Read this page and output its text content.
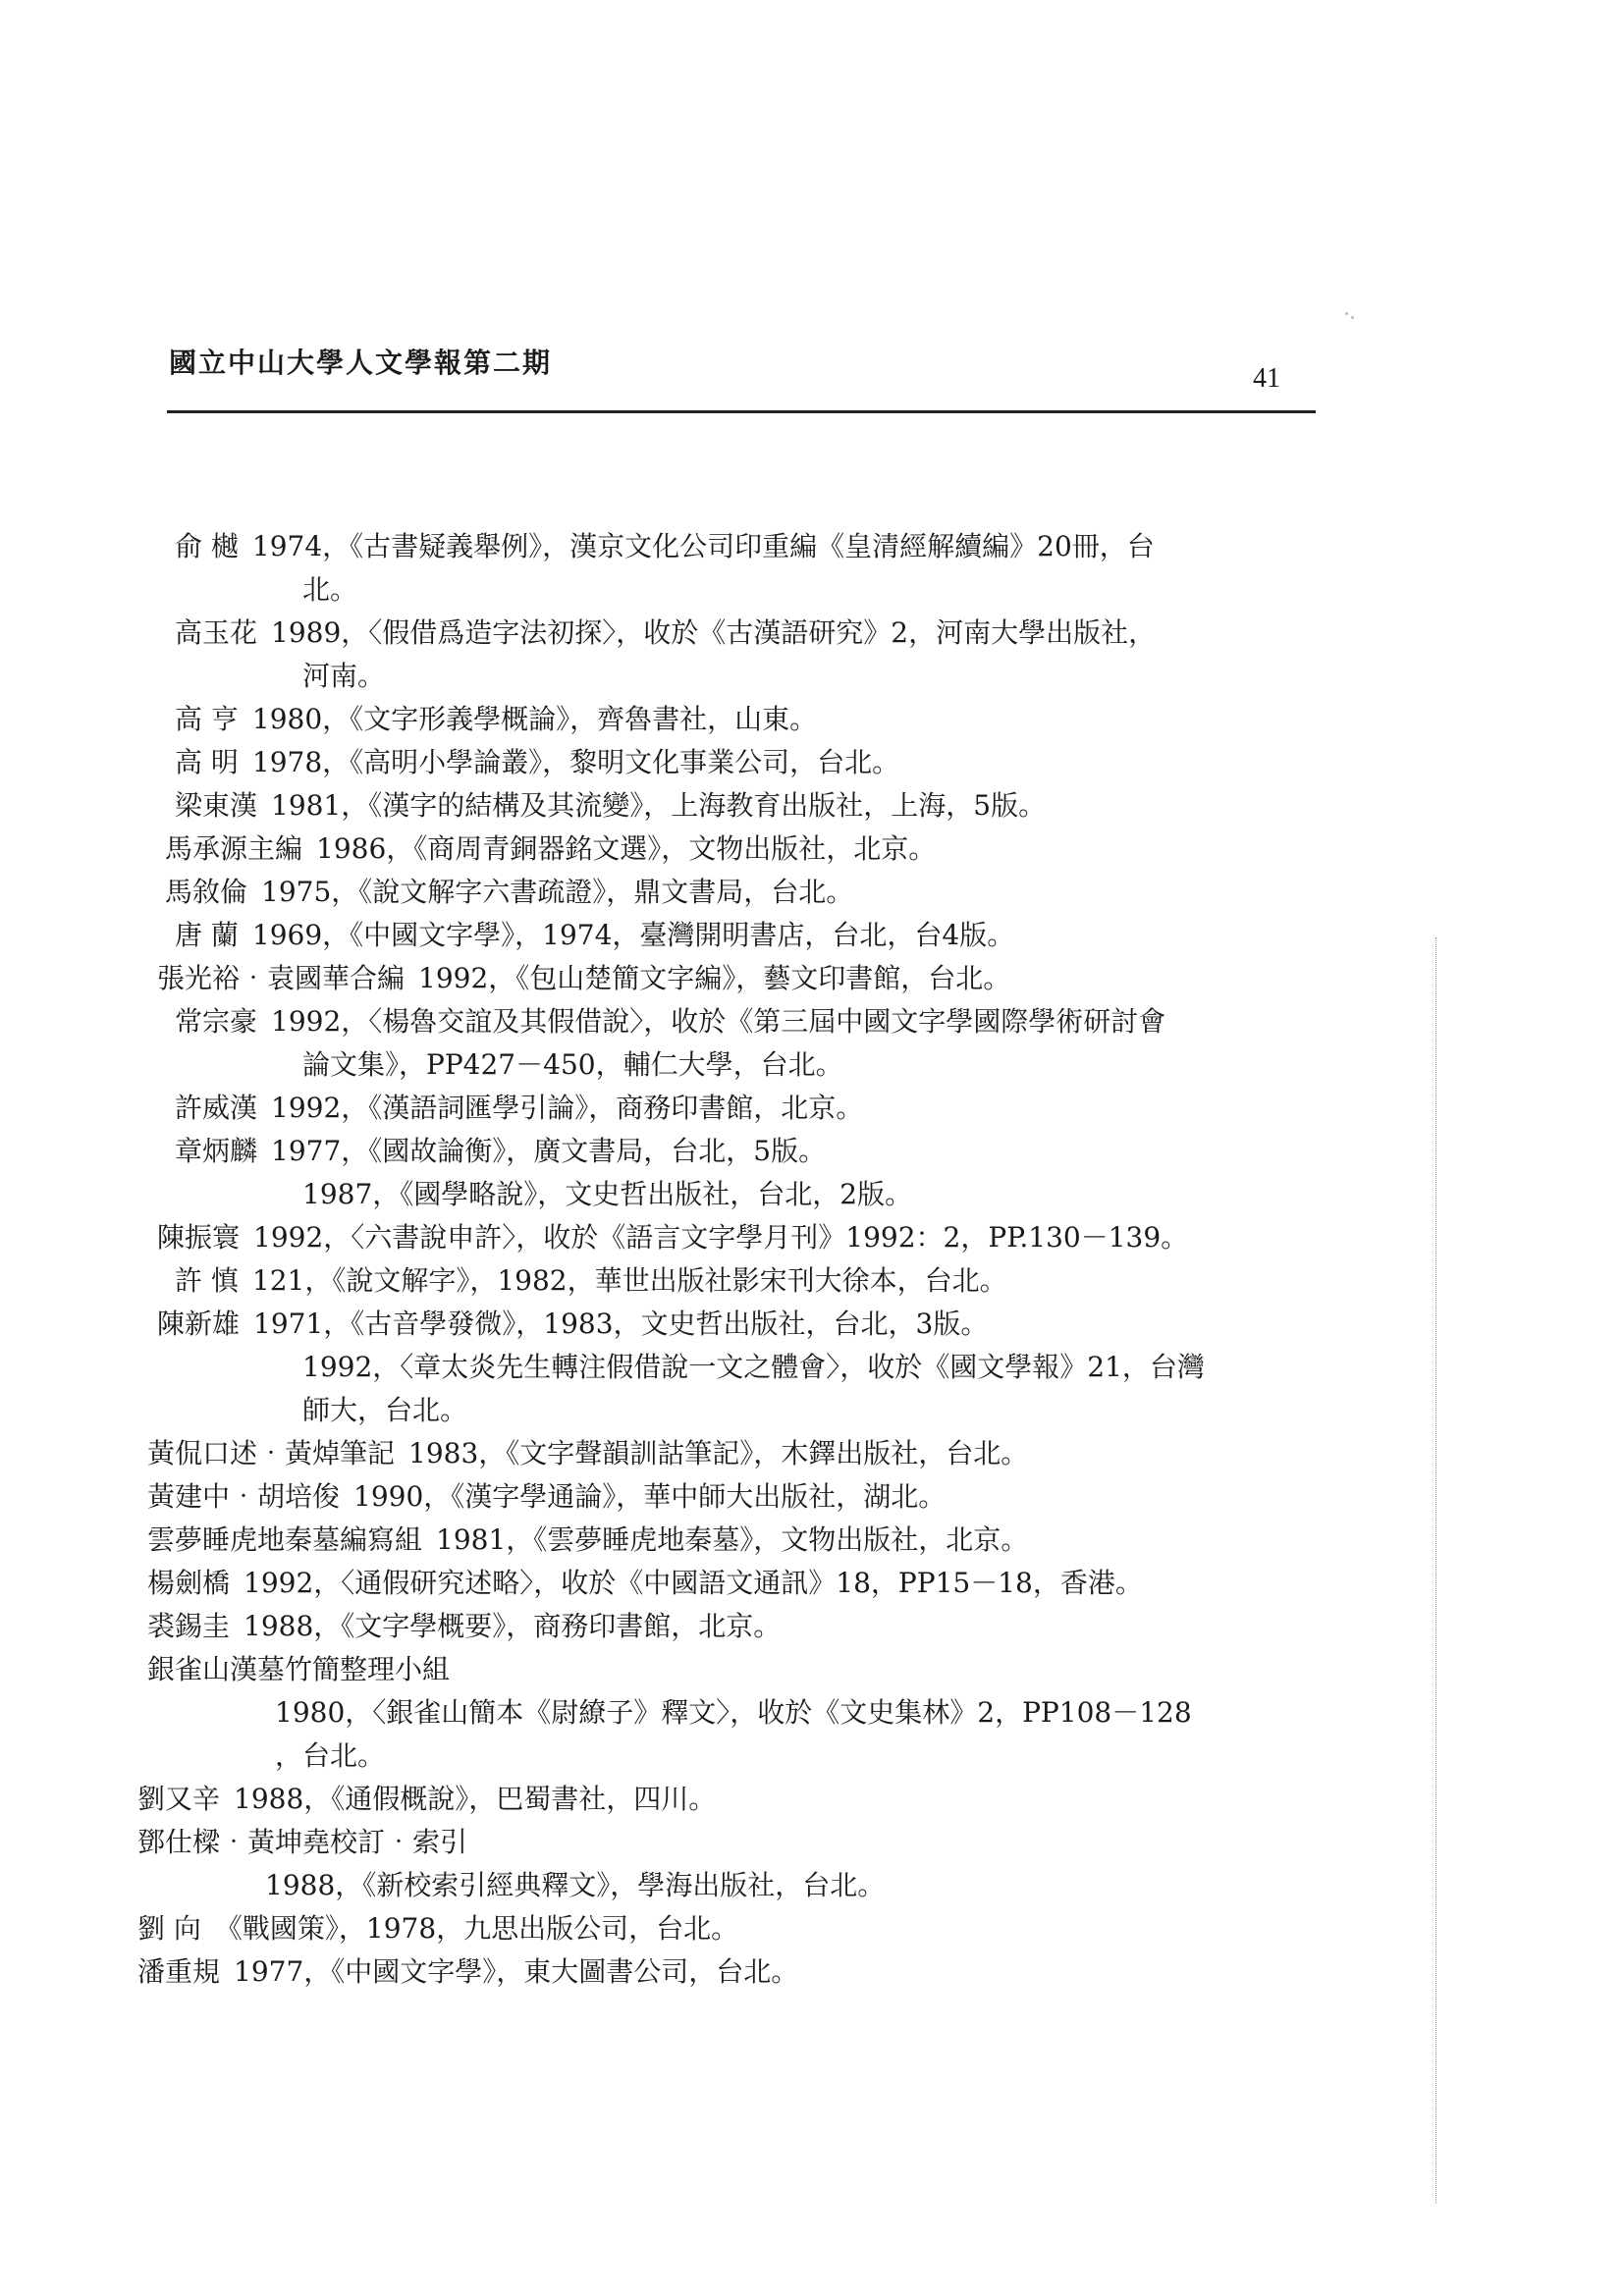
國立中山大學人文學報第二期	41
俞 樾 1974，《古書疑義舉例》，漢京文化公司印重編《皇清經解續編》20冊，台
北。
高玉花 1989，〈假借爲造字法初探〉，收於《古漢語研究》2，河南大學出版社，
河南。
高 亨 1980，《文字形義學概論》，齊魯書社，山東。
高 明 1978，《高明小學論叢》，黎明文化事業公司，台北。
梁東漢 1981，《漢字的結構及其流變》，上海教育出版社，上海，5版。
馬承源主編 1986，《商周青銅器銘文選》，文物出版社，北京。
馬敘倫 1975，《說文解字六書疏證》，鼎文書局，台北。
唐 蘭 1969，《中國文字學》，1974，臺灣開明書店，台北，台4版。
張光裕‧袁國華合編 1992，《包山楚簡文字編》，藝文印書館，台北。
常宗豪 1992，〈楊魯交誼及其假借說〉，收於《第三屆中國文字學國際學術研討會
論文集》，PP427－450，輔仁大學，台北。
許威漢 1992，《漢語詞匯學引論》，商務印書館，北京。
章炳麟 1977，《國故論衡》，廣文書局，台北，5版。
1987，《國學略說》，文史哲出版社，台北，2版。
陳振寰 1992，〈六書說申許〉，收於《語言文字學月刊》1992：2，PP.130－139。
許 慎 121，《說文解字》，1982，華世出版社影宋刊大徐本，台北。
陳新雄 1971，《古音學發微》，1983，文史哲出版社，台北，3版。
1992，〈章太炎先生轉注假借說一文之體會〉，收於《國文學報》21，台灣
師大，台北。
黃侃口述‧黃焯筆記 1983，《文字聲韻訓詁筆記》，木鐸出版社，台北。
黃建中‧胡培俊 1990，《漢字學通論》，華中師大出版社，湖北。
雲夢睡虎地秦墓編寫組 1981，《雲夢睡虎地秦墓》，文物出版社，北京。
楊劍橋 1992，〈通假研究述略〉，收於《中國語文通訊》18，PP15－18，香港。
裘錫圭 1988，《文字學概要》，商務印書館，北京。
銀雀山漢墓竹簡整理小組
1980，〈銀雀山簡本《尉繚子》釋文〉，收於《文史集林》2，PP108－128
，台北。
劉又辛 1988，《通假概說》，巴蜀書社，四川。
鄧仕樑‧黃坤堯校訂‧索引
1988，《新校索引經典釋文》，學海出版社，台北。
劉 向 《戰國策》，1978，九思出版公司，台北。
潘重規 1977，《中國文字學》，東大圖書公司，台北。
